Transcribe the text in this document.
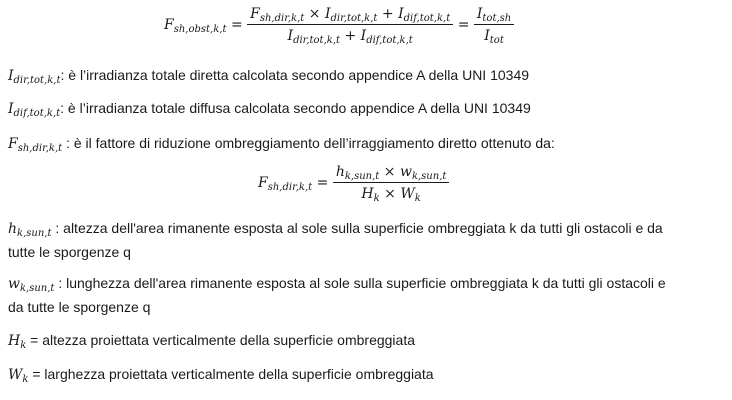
$F_{sh,obst,k,t}$ =
$F_{sh,dir,k,t} \times I_{dir,tot,k,t} + I_{dif,tot,k,t}$
$I_{dir,tot,k,t} + I_{dif,tot,k,t}$
= $\frac{I_{tot,sh}}{I_{tot}}$
$I_{dir,tot,k,t}$: è l’irradianza totale diretta calcolata secondo appendice A della UNI 10349
$I_{dif,tot,k,t}$: è l’irradianza totale diffusa calcolata secondo appendice A della UNI 10349
$F_{sh,dir,k,t}$ : è il fattore di riduzione ombreggiamento dell’irraggiamento diretto ottenuto da:
$F_{sh,dir,k,t} = \frac{h_{k,sun,t} \times w_{k,sun,t}}{H_k \times W_k}$
$h_{k,sun,t}$ : altezza dell'area rimanente esposta al sole sulla superficie ombreggiata k da tutti gli ostacoli e da
tutte le sporgenze q
$w_{k,sun,t}$ : lunghezza dell'area rimanente esposta al sole sulla superficie ombreggiata k da tutti gli ostacoli e
da tutte le sporgenze q
$H_k$ = altezza proiettata verticalmente della superficie ombreggiata
$W_k$ = larghezza proiettata verticalmente della superficie ombreggiata
